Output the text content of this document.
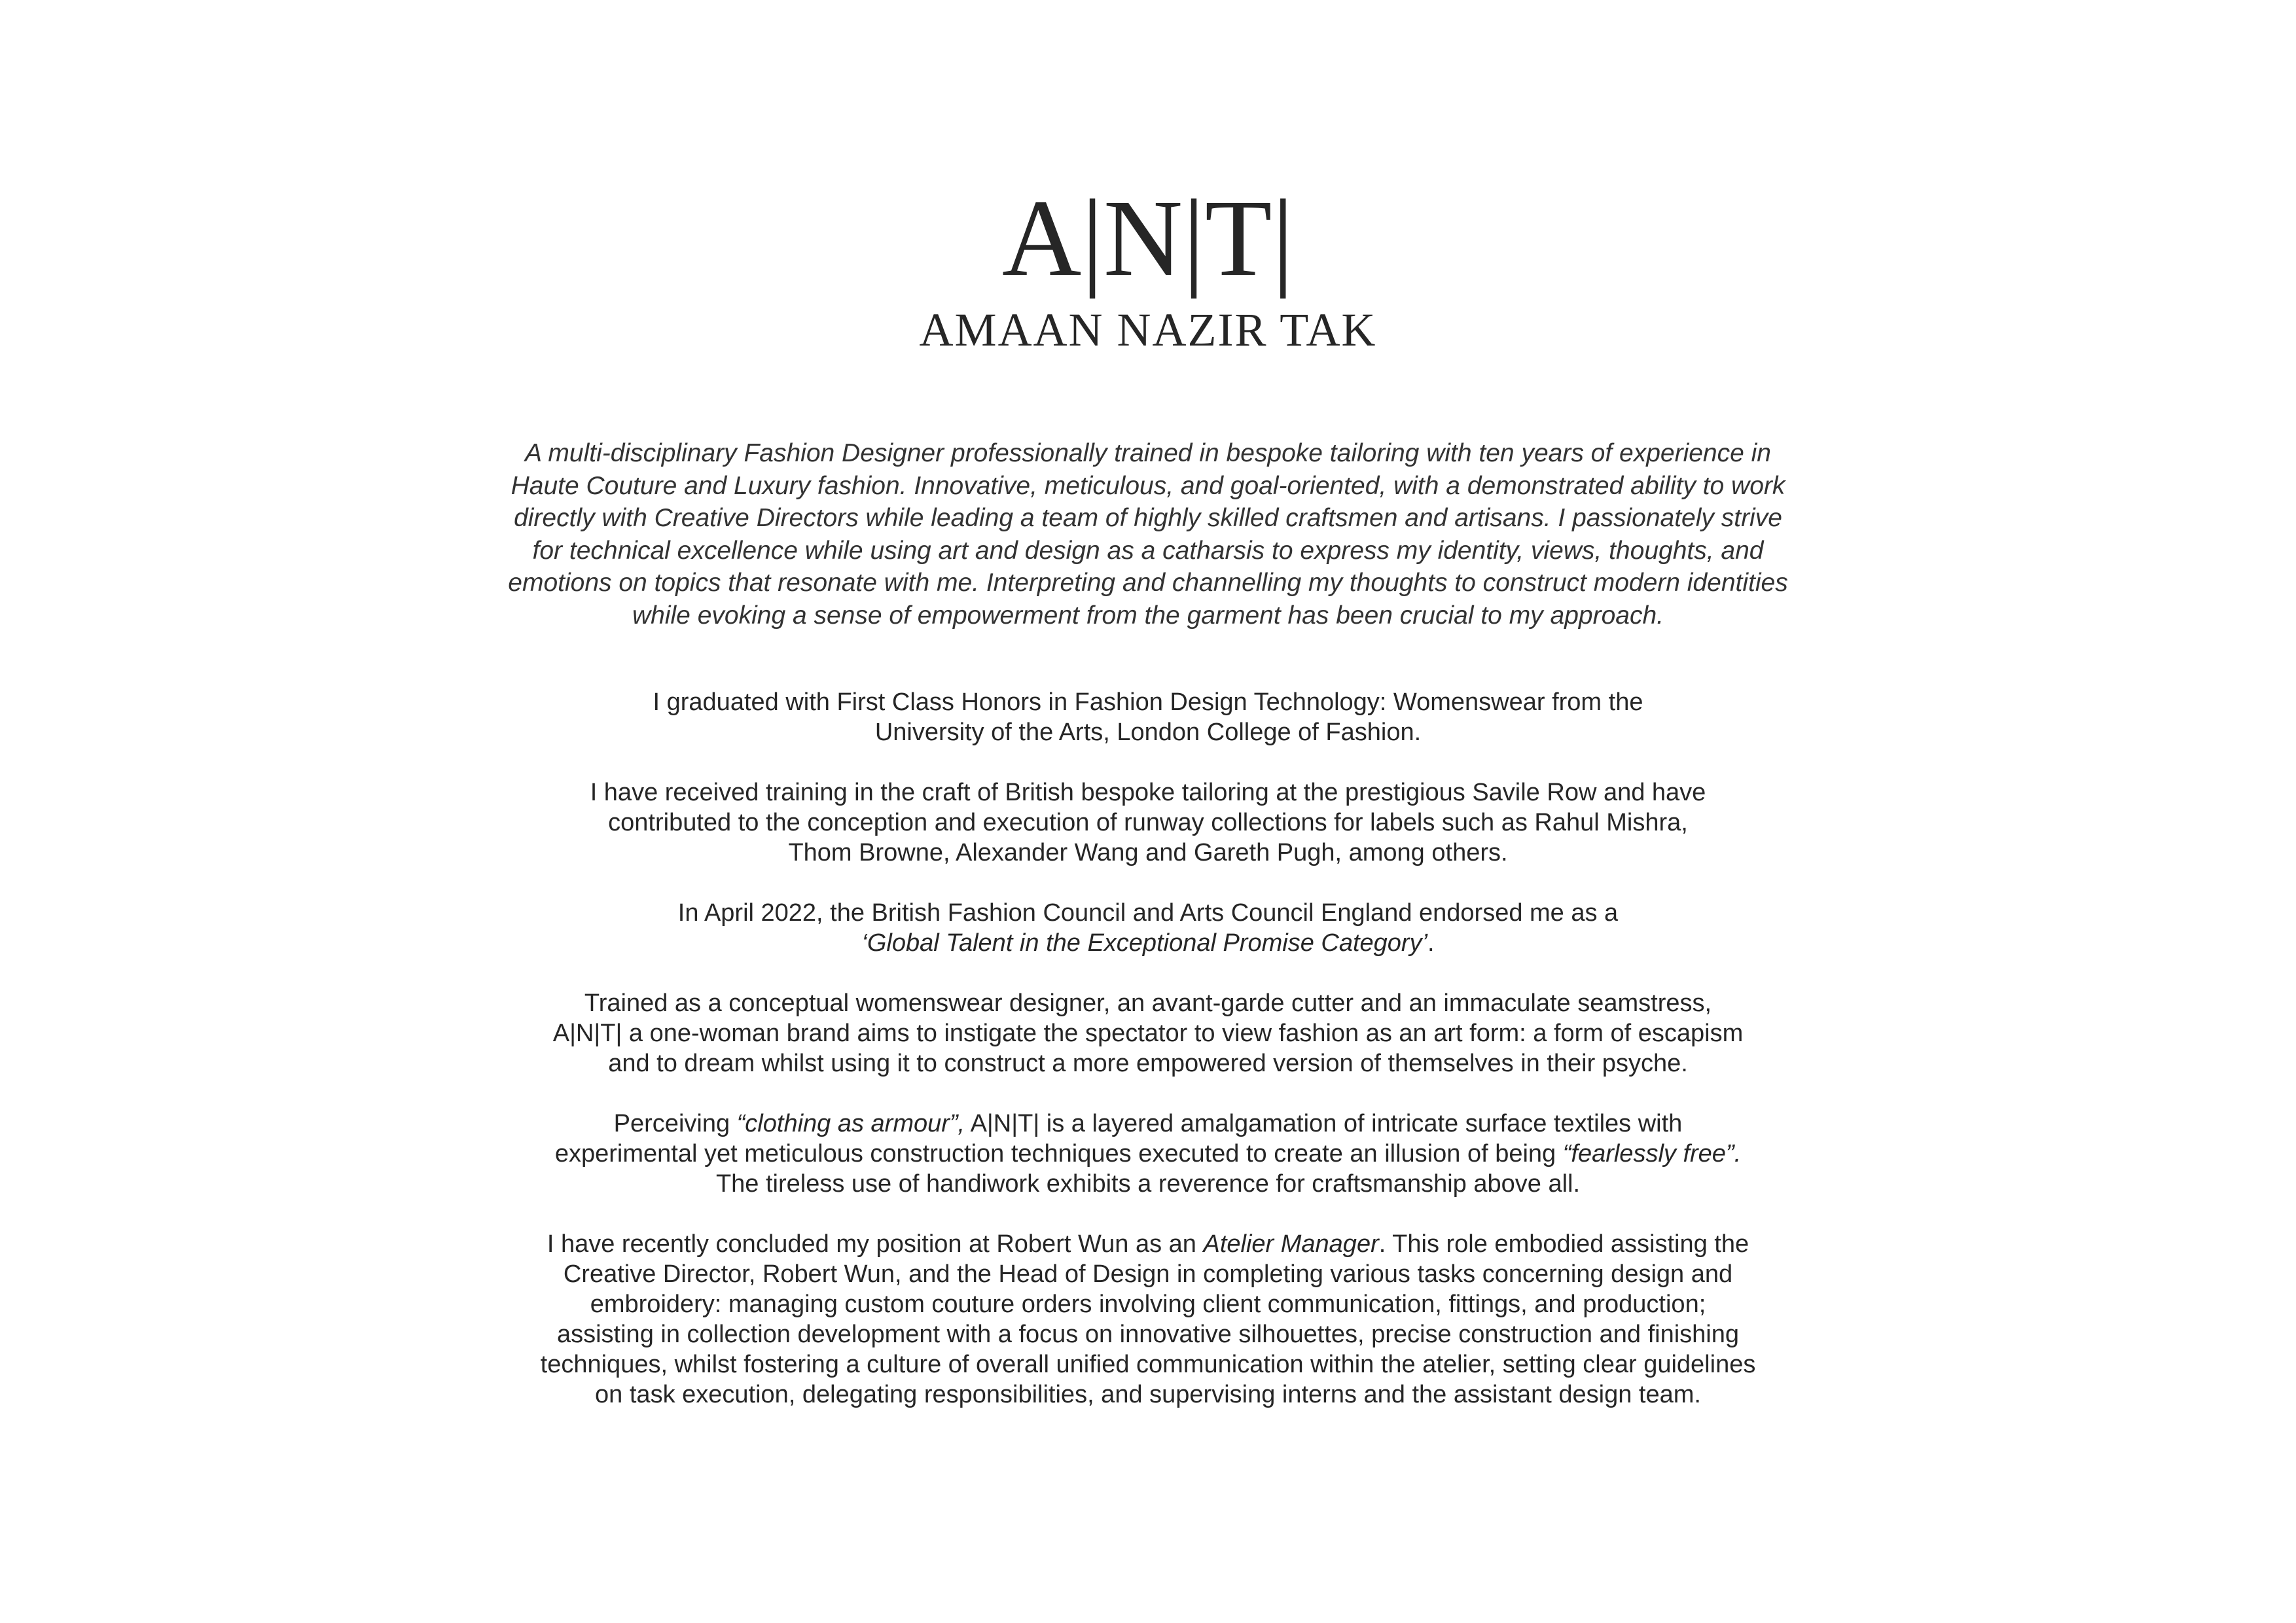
A|N|T|
AMAAN NAZIR TAK
A multi-disciplinary Fashion Designer professionally trained in bespoke tailoring with ten years of experience in
Haute Couture and Luxury fashion. Innovative, meticulous, and goal-oriented, with a demonstrated ability to work
directly with Creative Directors while leading a team of highly skilled craftsmen and artisans. I passionately strive
for technical excellence while using art and design as a catharsis to express my identity, views, thoughts, and
emotions on topics that resonate with me. Interpreting and channelling my thoughts to construct modern identities
while evoking a sense of empowerment from the garment has been crucial to my approach.

I graduated with First Class Honors in Fashion Design Technology: Womenswear from the
University of the Arts, London College of Fashion.

I have received training in the craft of British bespoke tailoring at the prestigious Savile Row and have
contributed to the conception and execution of runway collections for labels such as Rahul Mishra,
Thom Browne, Alexander Wang and Gareth Pugh, among others.

In April 2022, the British Fashion Council and Arts Council England endorsed me as a
‘Global Talent in the Exceptional Promise Category’.

Trained as a conceptual womenswear designer, an avant-garde cutter and an immaculate seamstress,
A|N|T| a one-woman brand aims to instigate the spectator to view fashion as an art form: a form of escapism
and to dream whilst using it to construct a more empowered version of themselves in their psyche.

Perceiving “clothing as armour”, A|N|T| is a layered amalgamation of intricate surface textiles with
experimental yet meticulous construction techniques executed to create an illusion of being “fearlessly free”.
The tireless use of handiwork exhibits a reverence for craftsmanship above all.

I have recently concluded my position at Robert Wun as an Atelier Manager. This role embodied assisting the
Creative Director, Robert Wun, and the Head of Design in completing various tasks concerning design and
embroidery: managing custom couture orders involving client communication, fittings, and production;
assisting in collection development with a focus on innovative silhouettes, precise construction and finishing
techniques, whilst fostering a culture of overall unified communication within the atelier, setting clear guidelines
on task execution, delegating responsibilities, and supervising interns and the assistant design team.
